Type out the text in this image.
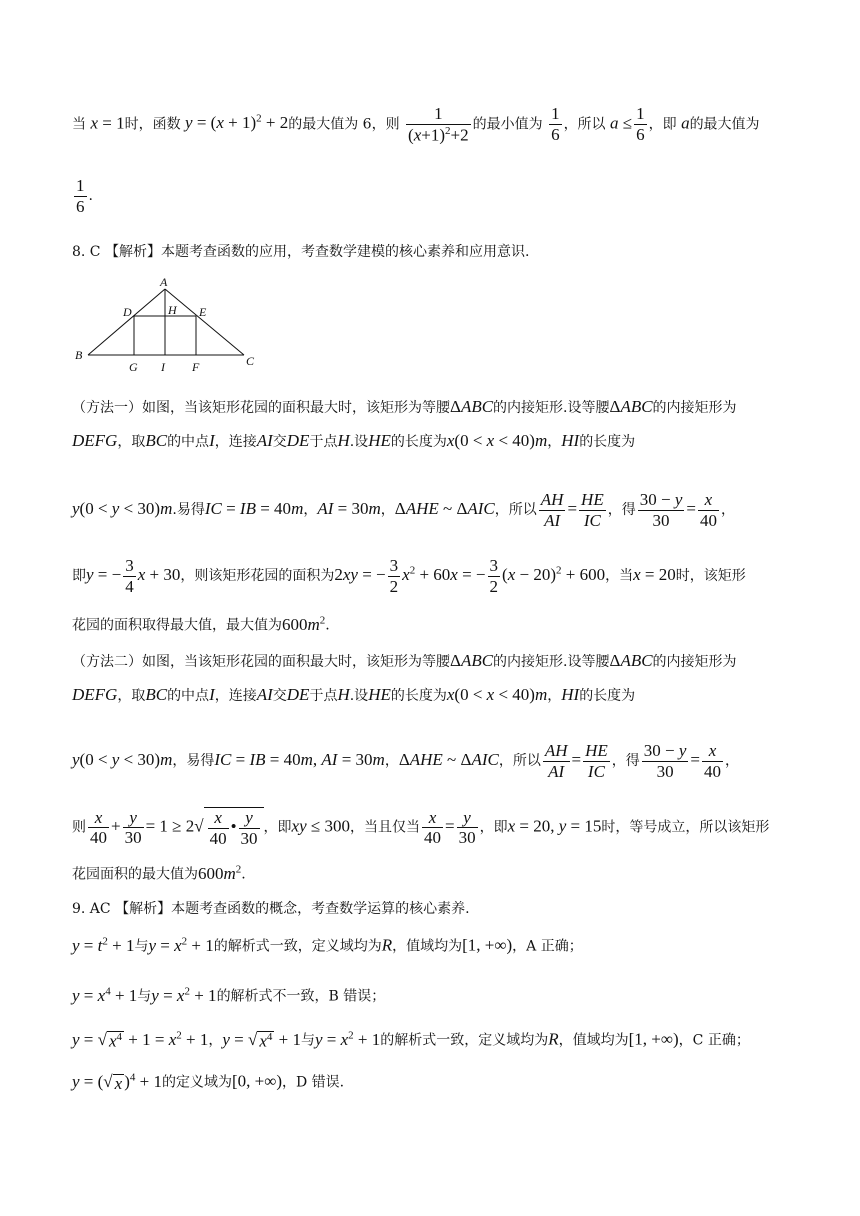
当 x = 1时，函数 $y = (x + 1)^2 + 2$的最大值为 6，则 $\frac{1}{(x+1)^2+2}$ 的最小值为 $\frac{1}{6}$ ，所以 $a \le \frac{1}{6}$ ，即 a的最大值为
$\frac{1}{6}$ .
8. C 【解析】本题考查函数的应用，考查数学建模的核心素养和应用意识.
A
D	H E
B
G I F	C
（方法一）如图，当该矩形花园的面积最大时，该矩形为等腰ΔABC的内接矩形.设等腰ΔABC的内接矩形为
DEFG，取BC的中点I，连接AI交DE于点H.设HE的长度为x(0 < x < 40)m，HI的长度为
y(0 < y < 30)m.易得IC = IB = 40m，AI = 30m，ΔAHE ~ ΔAIC，所以 $\frac{AH}{AI} = \frac{HE}{IC}$ ，得 $\frac{30 - y}{30} = \frac{x}{40}$ ，
即y = − $\frac{3}{4}$ x + 30，则该矩形花园的面积为2xy = − $\frac{3}{2} x^2 + 60x$ = − $\frac{3}{2} (x - 20)^2 + 600$，当x = 20时，该矩形
花园的面积取得最大值，最大值为$600m^2$.
（方法二）如图，当该矩形花园的面积最大时，该矩形为等腰ΔABC的内接矩形.设等腰ΔABC的内接矩形为
DEFG，取BC的中点I，连接AI交DE于点H.设HE的长度为x(0 < x < 40)m，HI的长度为
y(0 < y < 30)m，易得IC = IB = 40m, AI = 30m，ΔAHE ~ ΔAIC，所以 $\frac{AH}{AI} = \frac{HE}{IC}$ ，得 $\frac{30 - y}{30} = \frac{x}{40}$ ，
则 $\frac{x}{40} + \frac{y}{30} = 1 \ge 2√ \frac{x}{40}$ • $\frac{y}{30}$ ，即xy ≤ 300，当且仅当 $\frac{x}{40} = \frac{y}{30}$ ，即x = 20, y = 15时，等号成立，所以该矩形
花园面积的最大值为$600m^2$.
9. AC 【解析】本题考查函数的概念，考查数学运算的核心素养.
$y = t^2 + 1$与$y = x^2 + 1$的解析式一致，定义域均为R，值域均为[1, +∞)，A 正确；
$y = x^4 + 1$与$y = x^2 + 1$的解析式不一致，B 错误；
y = √ $x^4 + 1 = x^2 + 1$，y = √ $x^4 + 1$与$y = x^2 + 1$的解析式一致，定义域均为R，值域均为[1, +∞)，C 正确；
y = (√ x )$^4$ + 1的定义域为[0, +∞)，D 错误.
